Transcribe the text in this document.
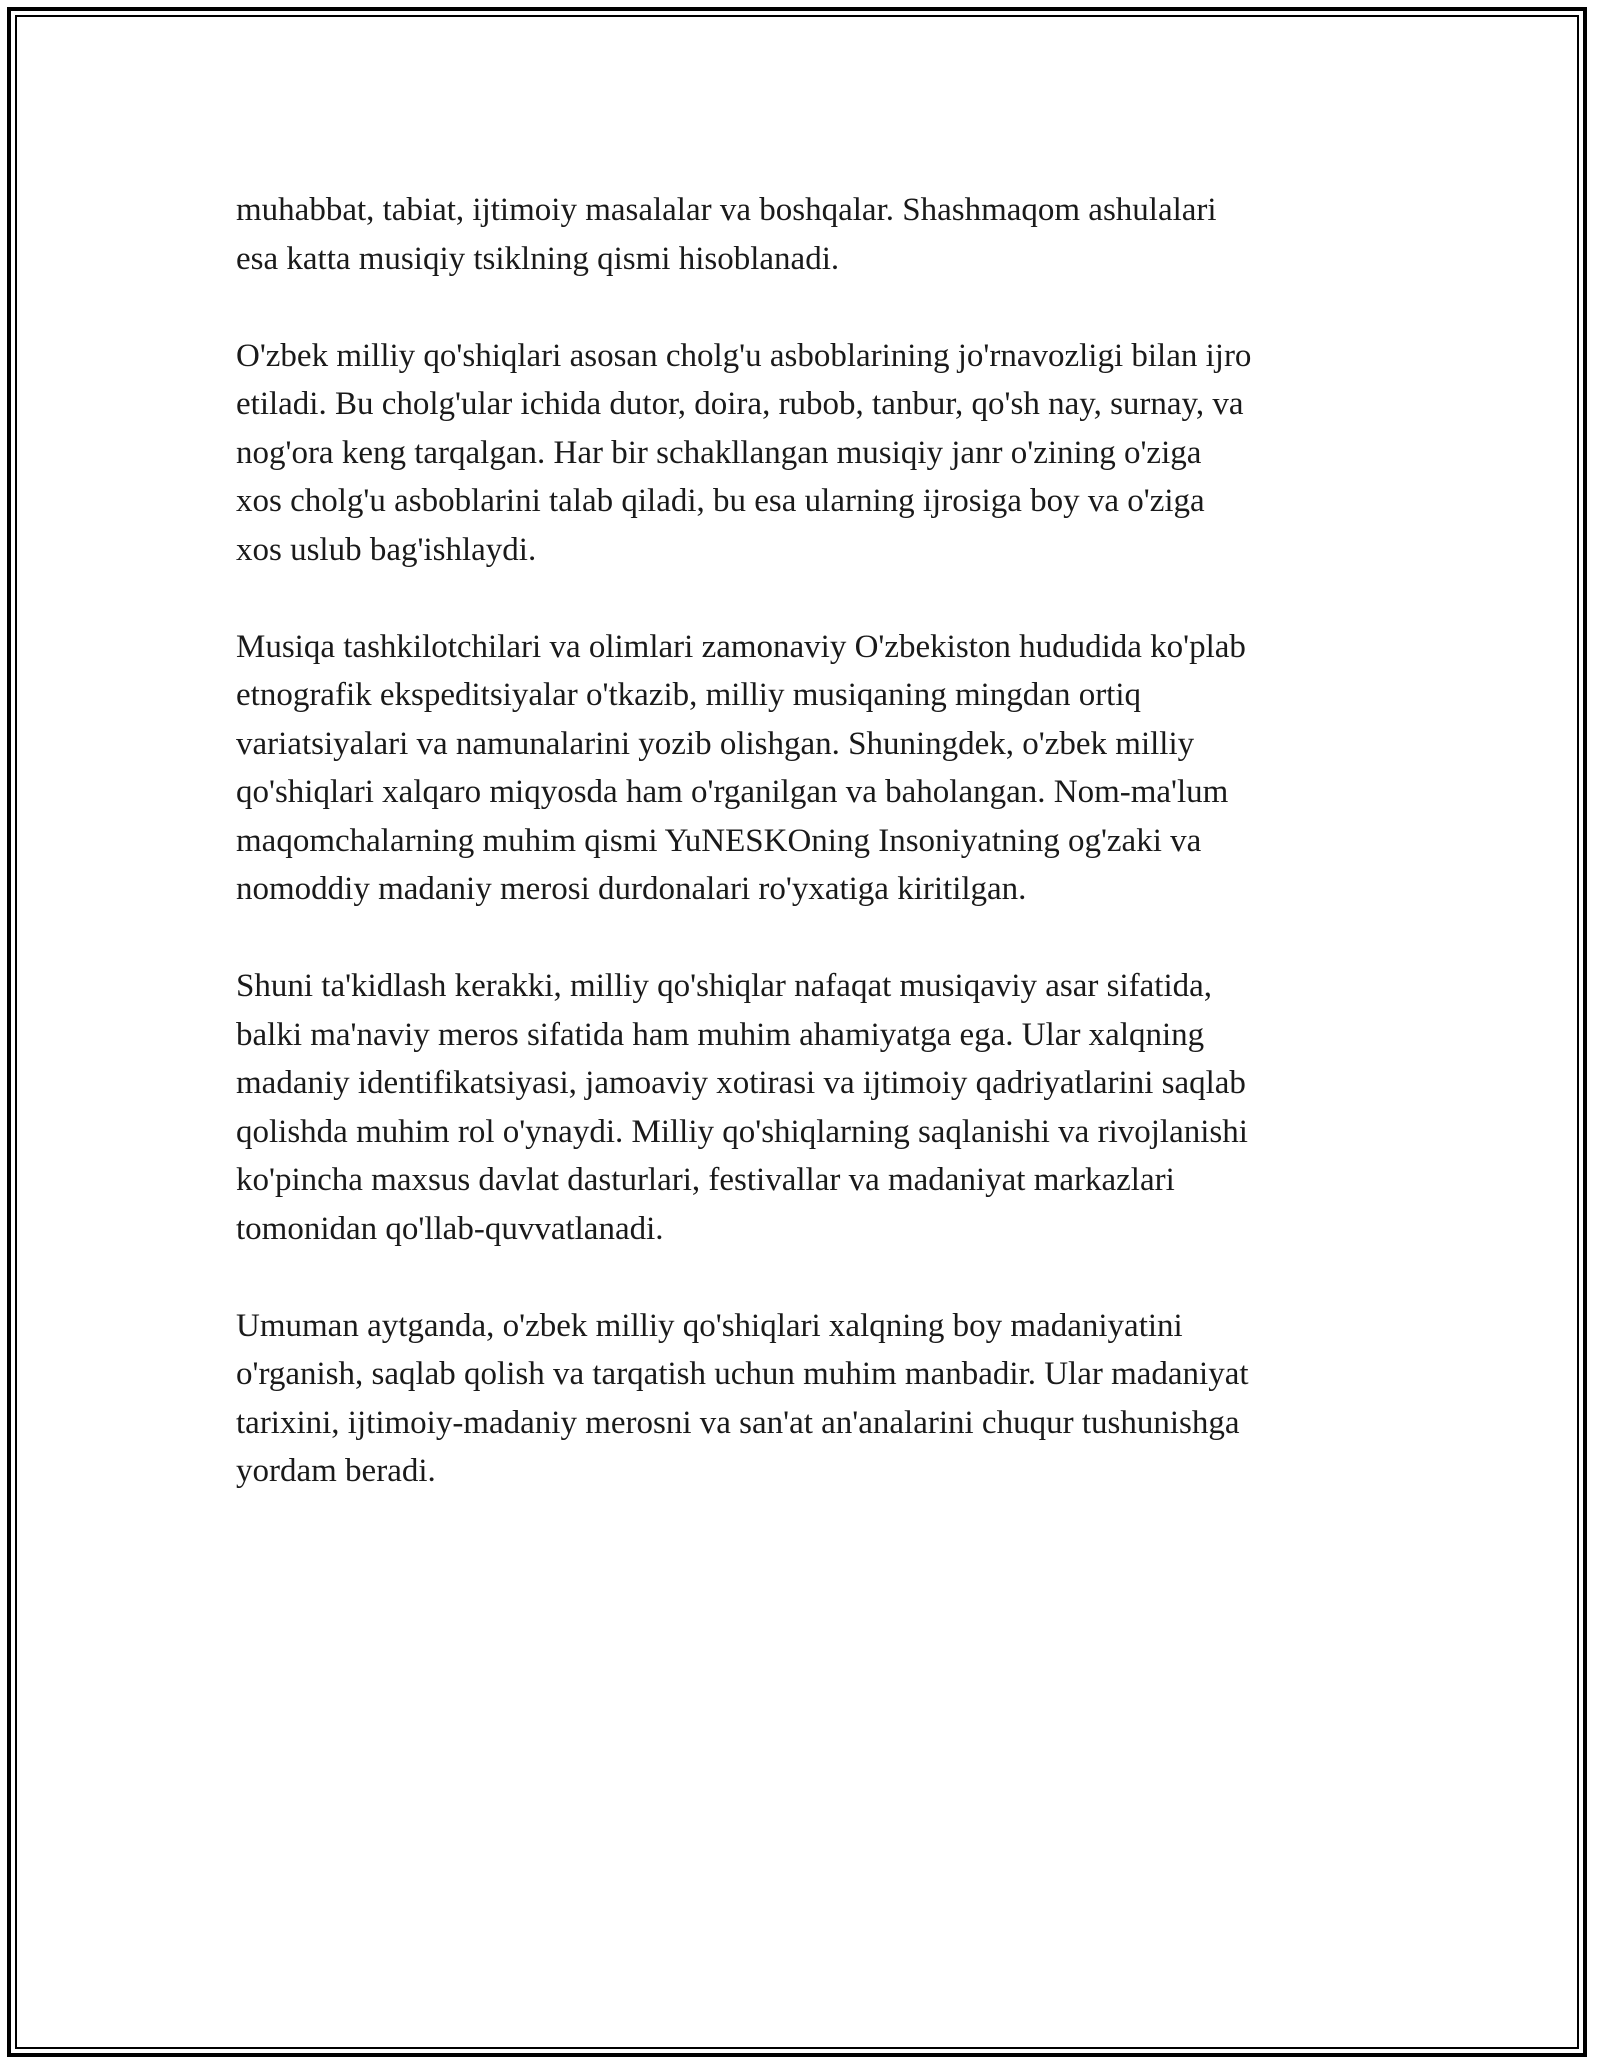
muhabbat, tabiat, ijtimoiy masalalar va boshqalar. Shashmaqom ashulalari
esa katta musiqiy tsiklning qismi hisoblanadi.

O'zbek milliy qo'shiqlari asosan cholg'u asboblarining jo'rnavozligi bilan ijro
etiladi. Bu cholg'ular ichida dutor, doira, rubob, tanbur, qo'sh nay, surnay, va
nog'ora keng tarqalgan. Har bir schakllangan musiqiy janr o'zining o'ziga
xos cholg'u asboblarini talab qiladi, bu esa ularning ijrosiga boy va o'ziga
xos uslub bag'ishlaydi.

Musiqa tashkilotchilari va olimlari zamonaviy O'zbekiston hududida ko'plab
etnografik ekspeditsiyalar o'tkazib, milliy musiqaning mingdan ortiq
variatsiyalari va namunalarini yozib olishgan. Shuningdek, o'zbek milliy
qo'shiqlari xalqaro miqyosda ham o'rganilgan va baholangan. Nom-ma'lum
maqomchalarning muhim qismi YuNESKOning Insoniyatning og'zaki va
nomoddiy madaniy merosi durdonalari ro'yxatiga kiritilgan.

Shuni ta'kidlash kerakki, milliy qo'shiqlar nafaqat musiqaviy asar sifatida,
balki ma'naviy meros sifatida ham muhim ahamiyatga ega. Ular xalqning
madaniy identifikatsiyasi, jamoaviy xotirasi va ijtimoiy qadriyatlarini saqlab
qolishda muhim rol o'ynaydi. Milliy qo'shiqlarning saqlanishi va rivojlanishi
ko'pincha maxsus davlat dasturlari, festivallar va madaniyat markazlari
tomonidan qo'llab-quvvatlanadi.

Umuman aytganda, o'zbek milliy qo'shiqlari xalqning boy madaniyatini
o'rganish, saqlab qolish va tarqatish uchun muhim manbadir. Ular madaniyat
tarixini, ijtimoiy-madaniy merosni va san'at an'analarini chuqur tushunishga
yordam beradi.
